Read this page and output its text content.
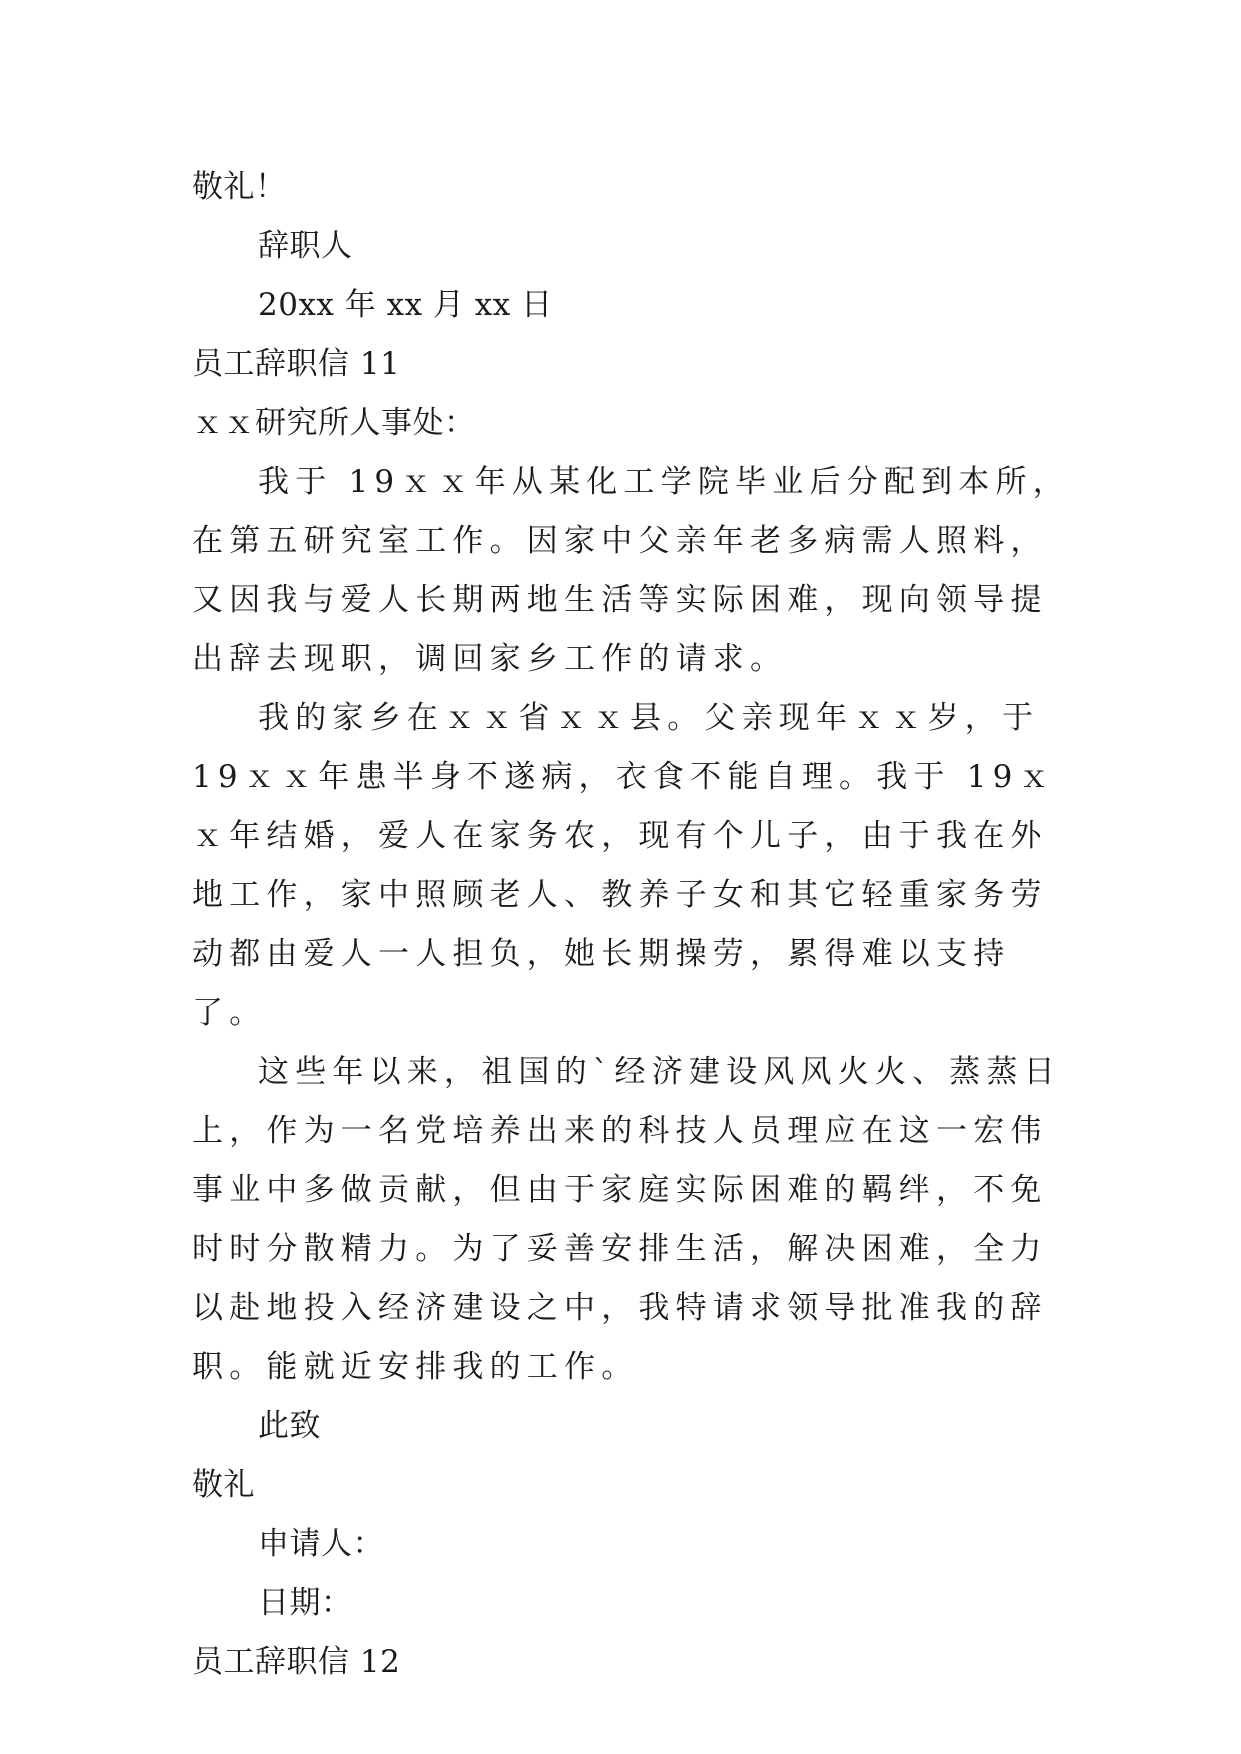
敬礼！
辞职人
20xx 年 xx 月 xx 日
员工辞职信 11
ｘｘ研究所人事处：
我于 19ｘｘ年从某化工学院毕业后分配到本所，在第五研究室工作。因家中父亲年老多病需人照料，又因我与爱人长期两地生活等实际困难，现向领导提出辞去现职，调回家乡工作的请求。
我的家乡在ｘｘ省ｘｘ县。父亲现年ｘｘ岁，于 19ｘｘ年患半身不遂病，衣食不能自理。我于 19ｘｘ年结婚，爱人在家务农，现有个儿子，由于我在外地工作，家中照顾老人、教养子女和其它轻重家务劳动都由爱人一人担负，她长期操劳，累得难以支持了。
这些年以来，祖国的`经济建设风风火火、蒸蒸日上，作为一名党培养出来的科技人员理应在这一宏伟事业中多做贡献，但由于家庭实际困难的羁绊，不免时时分散精力。为了妥善安排生活，解决困难，全力以赴地投入经济建设之中，我特请求领导批准我的辞职。能就近安排我的工作。
此致
敬礼
申请人：
日期：
员工辞职信 12
